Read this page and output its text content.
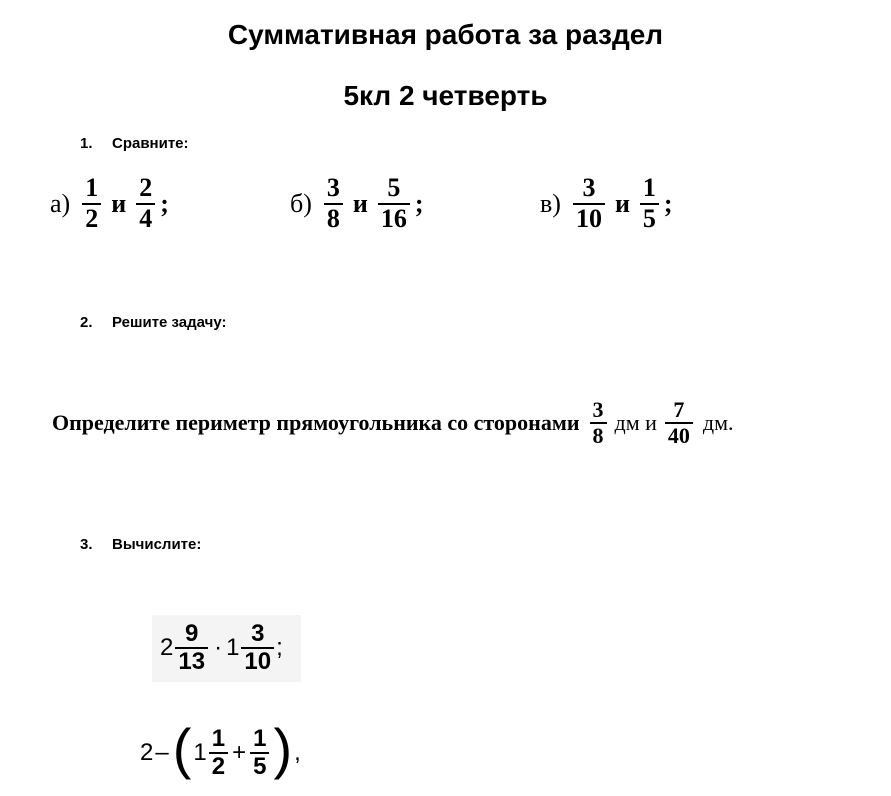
Суммативная работа за раздел
5кл 2 четверть
1. Сравните:
$а) \frac{1}{2}$ и $\frac{2}{4}$ ;	$б) \frac{3}{8}$ и $\frac{5}{16}$ ;	$в) \frac{3}{10}$ и $\frac{1}{5}$ ;
2. Решите задачу:
Определите периметр прямоугольника со сторонами $\frac{3}{8}$ дм и $\frac{7}{40}$ дм.
3. Вычислите:
$2 \frac{9}{13} \cdot 1 \frac{3}{10}$ ;
2 – ( $1 \frac{1}{2} + \frac{1}{5}$ ) ,
